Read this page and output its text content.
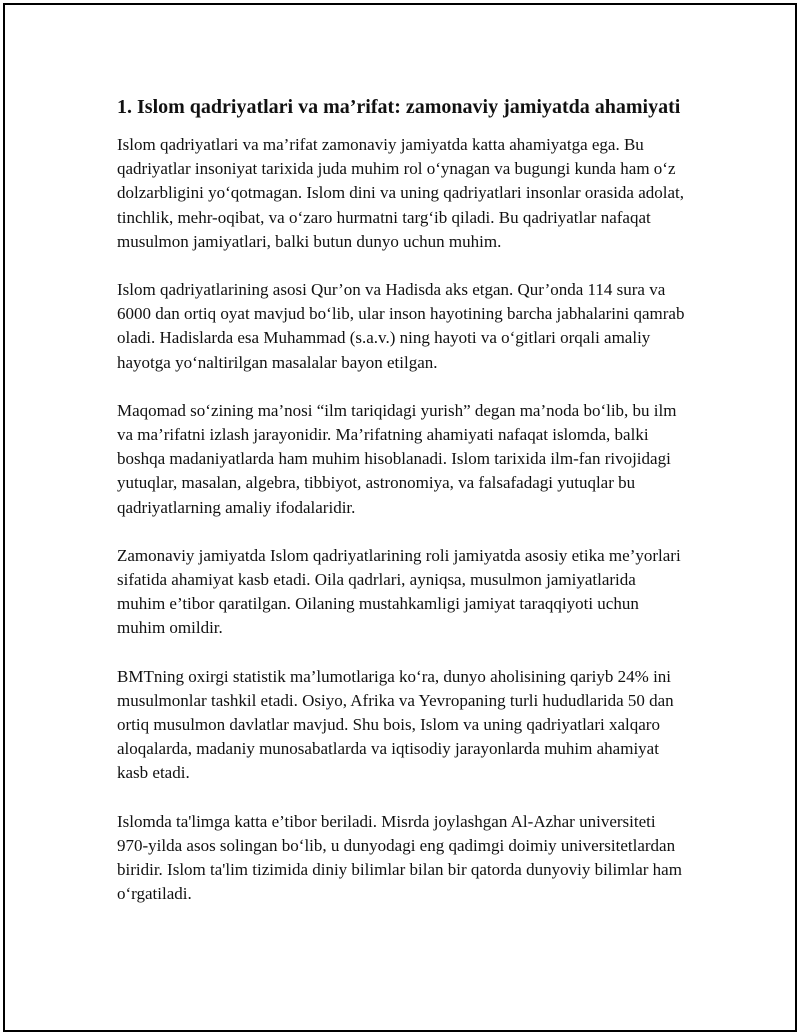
1. Islom qadriyatlari va ma’rifat: zamonaviy jamiyatda ahamiyati

Islom qadriyatlari va ma’rifat zamonaviy jamiyatda katta ahamiyatga ega. Bu qadriyatlar insoniyat tarixida juda muhim rol o‘ynagan va bugungi kunda ham o‘z dolzarbligini yo‘qotmagan. Islom dini va uning qadriyatlari insonlar orasida adolat, tinchlik, mehr-oqibat, va o‘zaro hurmatni targ‘ib qiladi. Bu qadriyatlar nafaqat musulmon jamiyatlari, balki butun dunyo uchun muhim.

Islom qadriyatlarining asosi Qur’on va Hadisda aks etgan. Qur’onda 114 sura va 6000 dan ortiq oyat mavjud bo‘lib, ular inson hayotining barcha jabhalarini qamrab oladi. Hadislarda esa Muhammad (s.a.v.) ning hayoti va o‘gitlari orqali amaliy hayotga yo‘naltirilgan masalalar bayon etilgan.

Maqomad so‘zining ma’nosi “ilm tariqidagi yurish” degan ma’noda bo‘lib, bu ilm va ma’rifatni izlash jarayonidir. Ma’rifatning ahamiyati nafaqat islomda, balki boshqa madaniyatlarda ham muhim hisoblanadi. Islom tarixida ilm-fan rivojidagi yutuqlar, masalan, algebra, tibbiyot, astronomiya, va falsafadagi yutuqlar bu qadriyatlarning amaliy ifodalaridir.

Zamonaviy jamiyatda Islom qadriyatlarining roli jamiyatda asosiy etika me’yorlari sifatida ahamiyat kasb etadi. Oila qadrlari, ayniqsa, musulmon jamiyatlarida muhim e’tibor qaratilgan. Oilaning mustahkamligi jamiyat taraqqiyoti uchun muhim omildir.

BMTning oxirgi statistik ma’lumotlariga ko‘ra, dunyo aholisining qariyb 24% ini musulmonlar tashkil etadi. Osiyo, Afrika va Yevropaning turli hududlarida 50 dan ortiq musulmon davlatlar mavjud. Shu bois, Islom va uning qadriyatlari xalqaro aloqalarda, madaniy munosabatlarda va iqtisodiy jarayonlarda muhim ahamiyat kasb etadi.

Islomda ta'limga katta e’tibor beriladi. Misrda joylashgan Al-Azhar universiteti 970-yilda asos solingan bo‘lib, u dunyodagi eng qadimgi doimiy universitetlardan biridir. Islom ta'lim tizimida diniy bilimlar bilan bir qatorda dunyoviy bilimlar ham o‘rgatiladi.
